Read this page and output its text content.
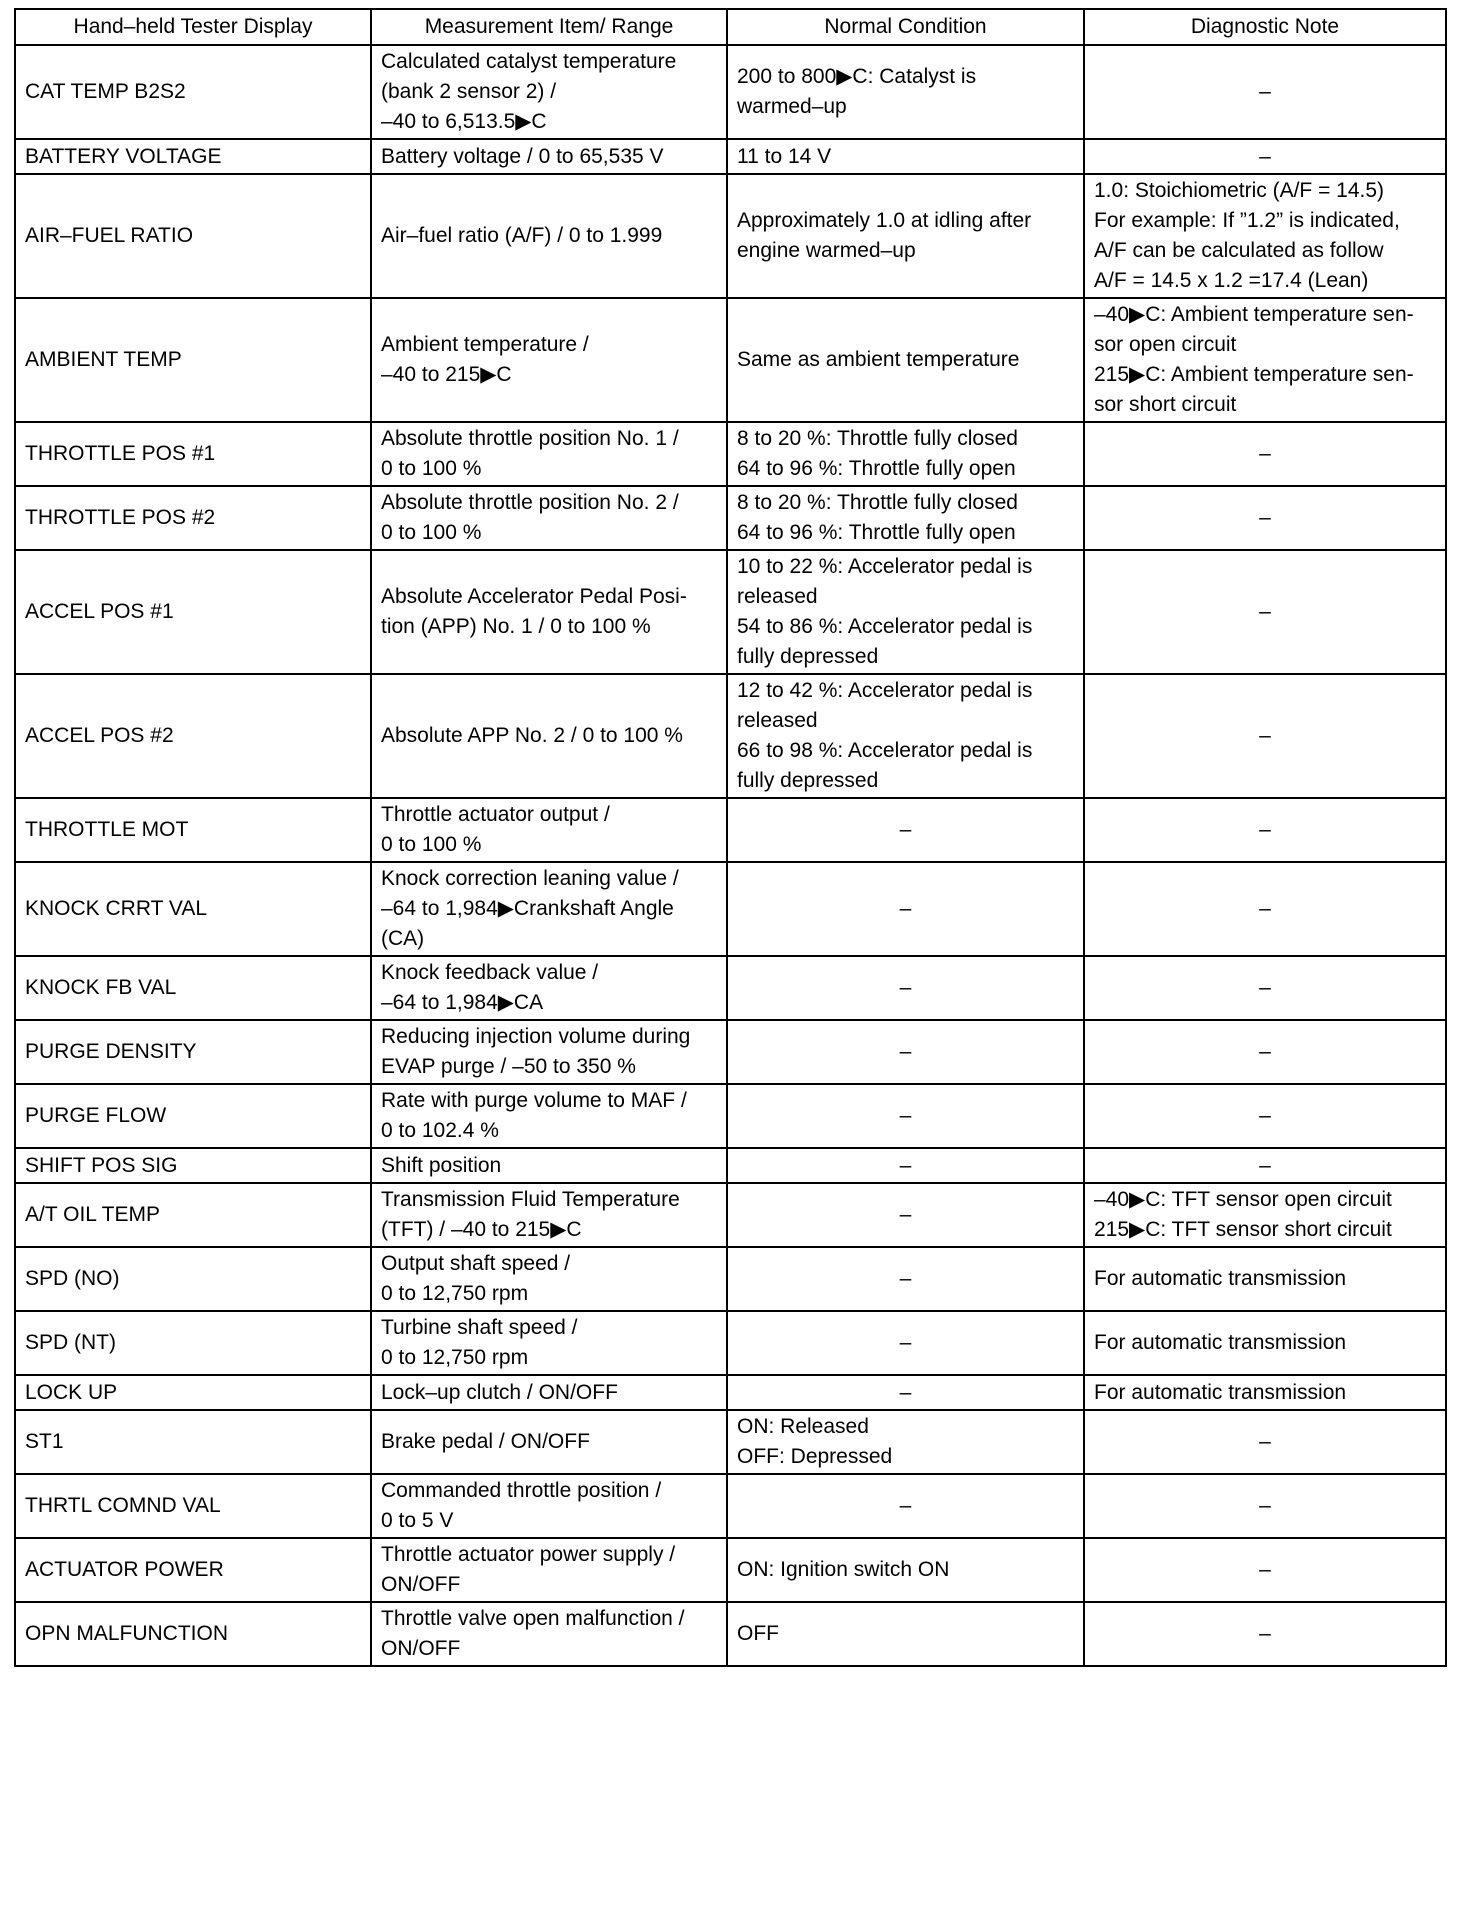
Hand–held Tester Display	Measurement Item/ Range	Normal Condition	Diagnostic Note
CAT TEMP B2S2	Calculated catalyst temperature
(bank 2 sensor 2) /
–40 to 6,513.5▶C	200 to 800▶C: Catalyst is
warmed–up	–

BATTERY VOLTAGE	Battery voltage / 0 to 65,535 V	11 to 14 V	–

AIR–FUEL RATIO	Air–fuel ratio (A/F) / 0 to 1.999	Approximately 1.0 at idling after
engine warmed–up	1.0: Stoichiometric (A/F = 14.5)
For example: If ”1.2” is indicated,
A/F can be calculated as follow
A/F = 14.5 x 1.2 =17.4 (Lean)

AMBIENT TEMP	Ambient temperature /
–40 to 215▶C	Same as ambient temperature	–40▶C: Ambient temperature sen-
sor open circuit
215▶C: Ambient temperature sen-
sor short circuit

THROTTLE POS #1	Absolute throttle position No. 1 /
0 to 100 %	8 to 20 %: Throttle fully closed
64 to 96 %: Throttle fully open	–

THROTTLE POS #2	Absolute throttle position No. 2 /
0 to 100 %	8 to 20 %: Throttle fully closed
64 to 96 %: Throttle fully open	–

ACCEL POS #1	Absolute Accelerator Pedal Posi-
tion (APP) No. 1 / 0 to 100 %	10 to 22 %: Accelerator pedal is
released
54 to 86 %: Accelerator pedal is
fully depressed	–

ACCEL POS #2	Absolute APP No. 2 / 0 to 100 %	12 to 42 %: Accelerator pedal is
released
66 to 98 %: Accelerator pedal is
fully depressed	–

THROTTLE MOT	Throttle actuator output /
0 to 100 %	–	–

KNOCK CRRT VAL	Knock correction leaning value /
–64 to 1,984▶Crankshaft Angle
(CA)	–	–

KNOCK FB VAL	Knock feedback value /
–64 to 1,984▶CA	–	–

PURGE DENSITY	Reducing injection volume during
EVAP purge / –50 to 350 %	–	–

PURGE FLOW	Rate with purge volume to MAF /
0 to 102.4 %	–	–

SHIFT POS SIG	Shift position	–	–

A/T OIL TEMP	Transmission Fluid Temperature
(TFT) / –40 to 215▶C	–	–40▶C: TFT sensor open circuit
215▶C: TFT sensor short circuit

SPD (NO)	Output shaft speed /
0 to 12,750 rpm	–	For automatic transmission

SPD (NT)	Turbine shaft speed /
0 to 12,750 rpm	–	For automatic transmission

LOCK UP	Lock–up clutch / ON/OFF	–	For automatic transmission

ST1	Brake pedal / ON/OFF	ON: Released
OFF: Depressed	–

THRTL COMND VAL	Commanded throttle position /
0 to 5 V	–	–

ACTUATOR POWER	Throttle actuator power supply /
ON/OFF	ON: Ignition switch ON	–

OPN MALFUNCTION	Throttle valve open malfunction /
ON/OFF	OFF	–
